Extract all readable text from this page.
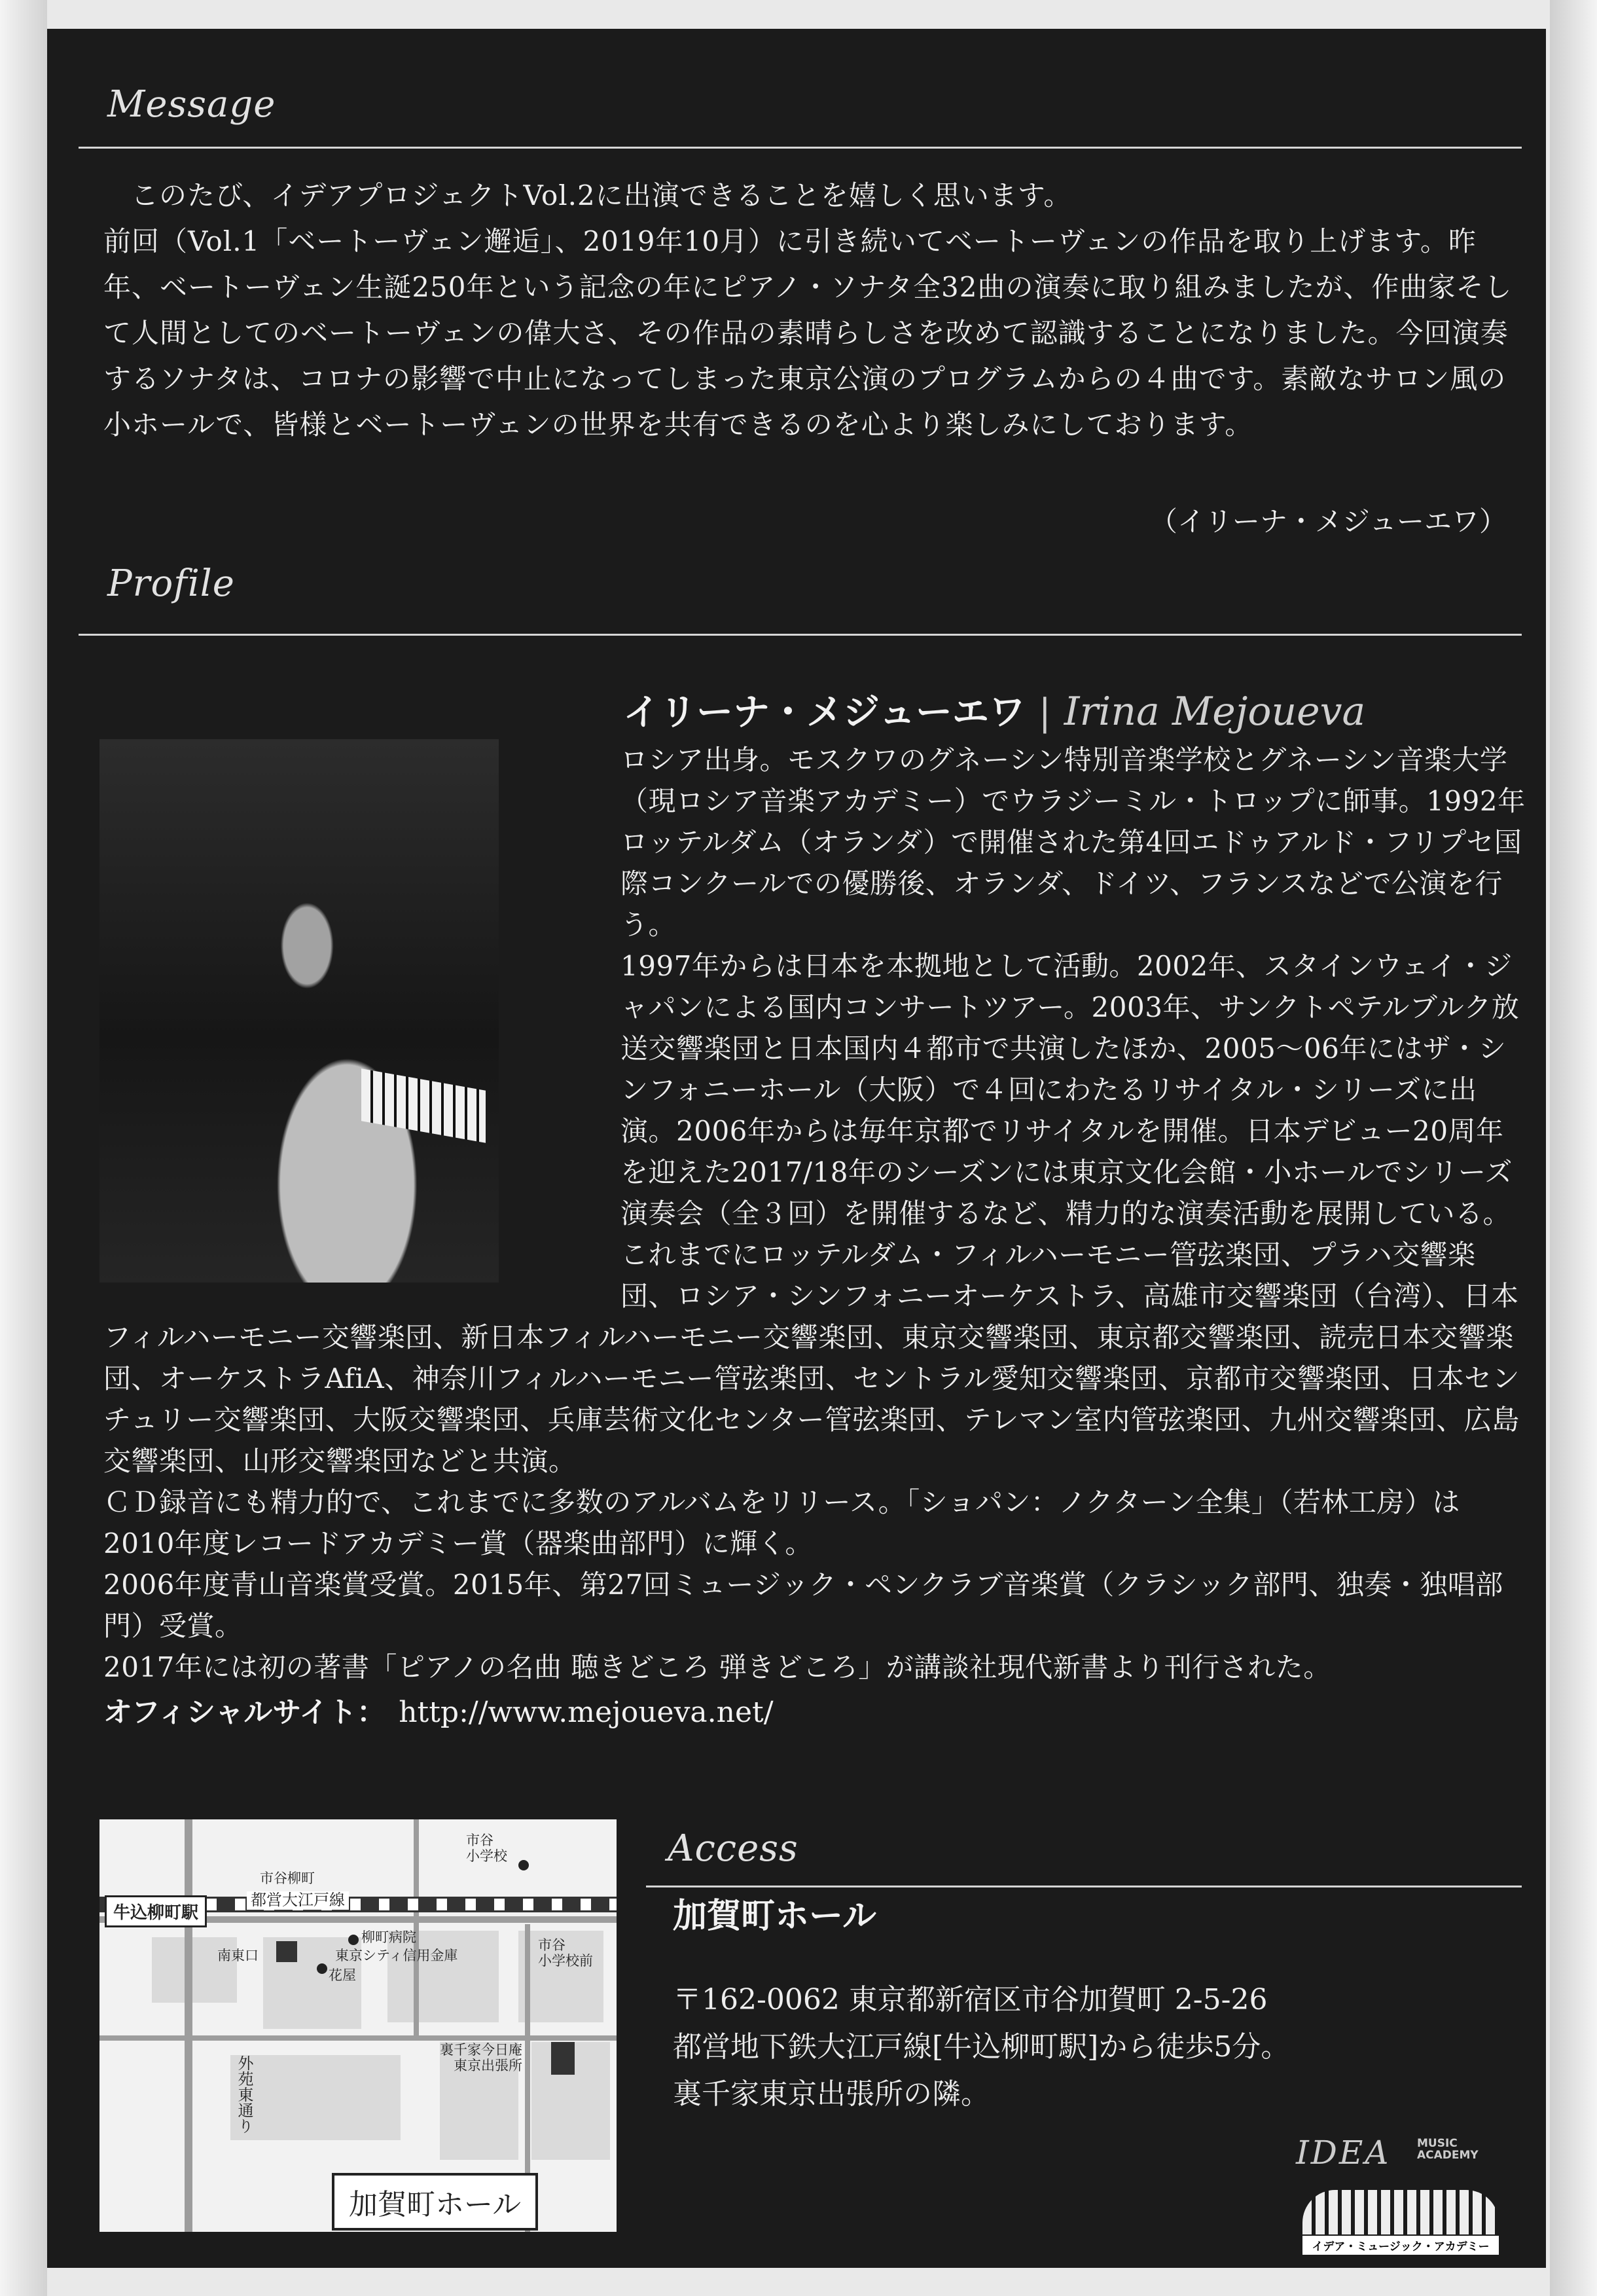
Message

このたび、イデアプロジェクトVol.2に出演できることを嬉しく思います。

前回（Vol.1「ベートーヴェン邂逅」、2019年10月）に引き続いてベートーヴェンの作品を取り上げます。昨年、ベートーヴェン生誕250年という記念の年にピアノ・ソナタ全32曲の演奏に取り組みましたが、作曲家そして人間としてのベートーヴェンの偉大さ、その作品の素晴らしさを改めて認識することになりました。今回演奏するソナタは、コロナの影響で中止になってしまった東京公演のプログラムからの４曲です。素敵なサロン風の小ホールで、皆様とベートーヴェンの世界を共有できるのを心より楽しみにしております。

（イリーナ・メジューエワ）
Profile
イリーナ・メジューエワ | Irina Mejoueva

ロシア出身。モスクワのグネーシン特別音楽学校とグネーシン音楽大学（現ロシア音楽アカデミー）でウラジーミル・トロップに師事。1992年ロッテルダム（オランダ）で開催された第4回エドゥアルド・フリプセ国際コンクールでの優勝後、オランダ、ドイツ、フランスなどで公演を行う。

1997年からは日本を本拠地として活動。2002年、スタインウェイ・ジャパンによる国内コンサートツアー。2003年、サンクトペテルブルク放送交響楽団と日本国内４都市で共演したほか、2005〜06年にはザ・シンフォニーホール（大阪）で４回にわたるリサイタル・シリーズに出演。2006年からは毎年京都でリサイタルを開催。日本デビュー20周年を迎えた2017/18年のシーズンには東京文化会館・小ホールでシリーズ演奏会（全３回）を開催するなど、精力的な演奏活動を展開している。

これまでにロッテルダム・フィルハーモニー管弦楽団、プラハ交響楽団、ロシア・シンフォニーオーケストラ、高雄市交響楽団（台湾）、日本フィルハーモニー交響楽団、新日本フィルハーモニー交響楽団、東京交響楽団、東京都交響楽団、読売日本交響楽団、オーケストラAfiA、神奈川フィルハーモニー管弦楽団、セントラル愛知交響楽団、京都市交響楽団、日本センチュリー交響楽団、大阪交響楽団、兵庫芸術文化センター管弦楽団、テレマン室内管弦楽団、九州交響楽団、広島交響楽団、山形交響楽団などと共演。

ＣＤ録音にも精力的で、これまでに多数のアルバムをリリース。「ショパン：ノクターン全集」（若林工房）は2010年度レコードアカデミー賞（器楽曲部門）に輝く。

2006年度青山音楽賞受賞。2015年、第27回ミュージック・ペンクラブ音楽賞（クラシック部門、独奏・独唱部門）受賞。

2017年には初の著書「ピアノの名曲 聴きどころ 弾きどころ」が講談社現代新書より刊行された。

オフィシャルサイト： http://www.mejoueva.net/
牛込柳町駅
都営大江戸線
市谷柳町
市谷
小学校
市谷
小学校前
柳町病院
東京シティ信用金庫
南東口
花屋
外苑東通り
裏千家今日庵
東京出張所
加賀町ホール
Access
加賀町ホール

〒162-0062 東京都新宿区市谷加賀町 2-5-26

都営地下鉄大江戸線[牛込柳町駅]から徒歩5分。

裏千家東京出張所の隣。

IDEA MUSIC
ACADEMY
イデア・ミュージック・アカデミー
